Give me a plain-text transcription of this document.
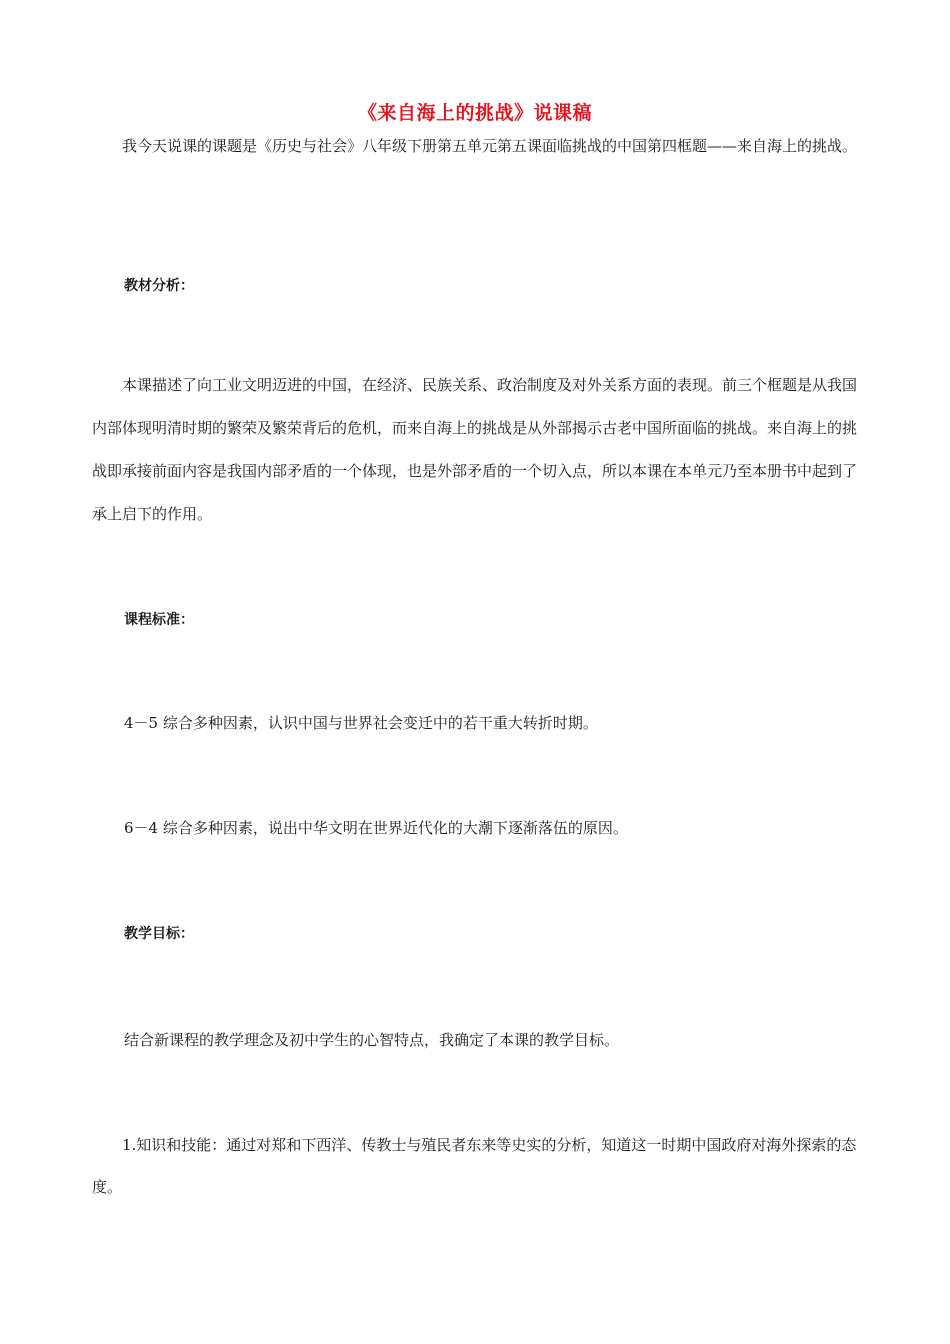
《来自海上的挑战》说课稿

我今天说课的课题是《历史与社会》八年级下册第五单元第五课面临挑战的中国第四框题——来自海上的挑战。

教材分析：

本课描述了向工业文明迈进的中国，在经济、民族关系、政治制度及对外关系方面的表现。前三个框题是从我国内部体现明清时期的繁荣及繁荣背后的危机，而来自海上的挑战是从外部揭示古老中国所面临的挑战。来自海上的挑战即承接前面内容是我国内部矛盾的一个体现，也是外部矛盾的一个切入点，所以本课在本单元乃至本册书中起到了承上启下的作用。

课程标准：

4－5 综合多种因素，认识中国与世界社会变迁中的若干重大转折时期。

6－4 综合多种因素，说出中华文明在世界近代化的大潮下逐渐落伍的原因。

教学目标：

结合新课程的教学理念及初中学生的心智特点，我确定了本课的教学目标。

1.知识和技能：通过对郑和下西洋、传教士与殖民者东来等史实的分析，知道这一时期中国政府对海外探索的态度。
